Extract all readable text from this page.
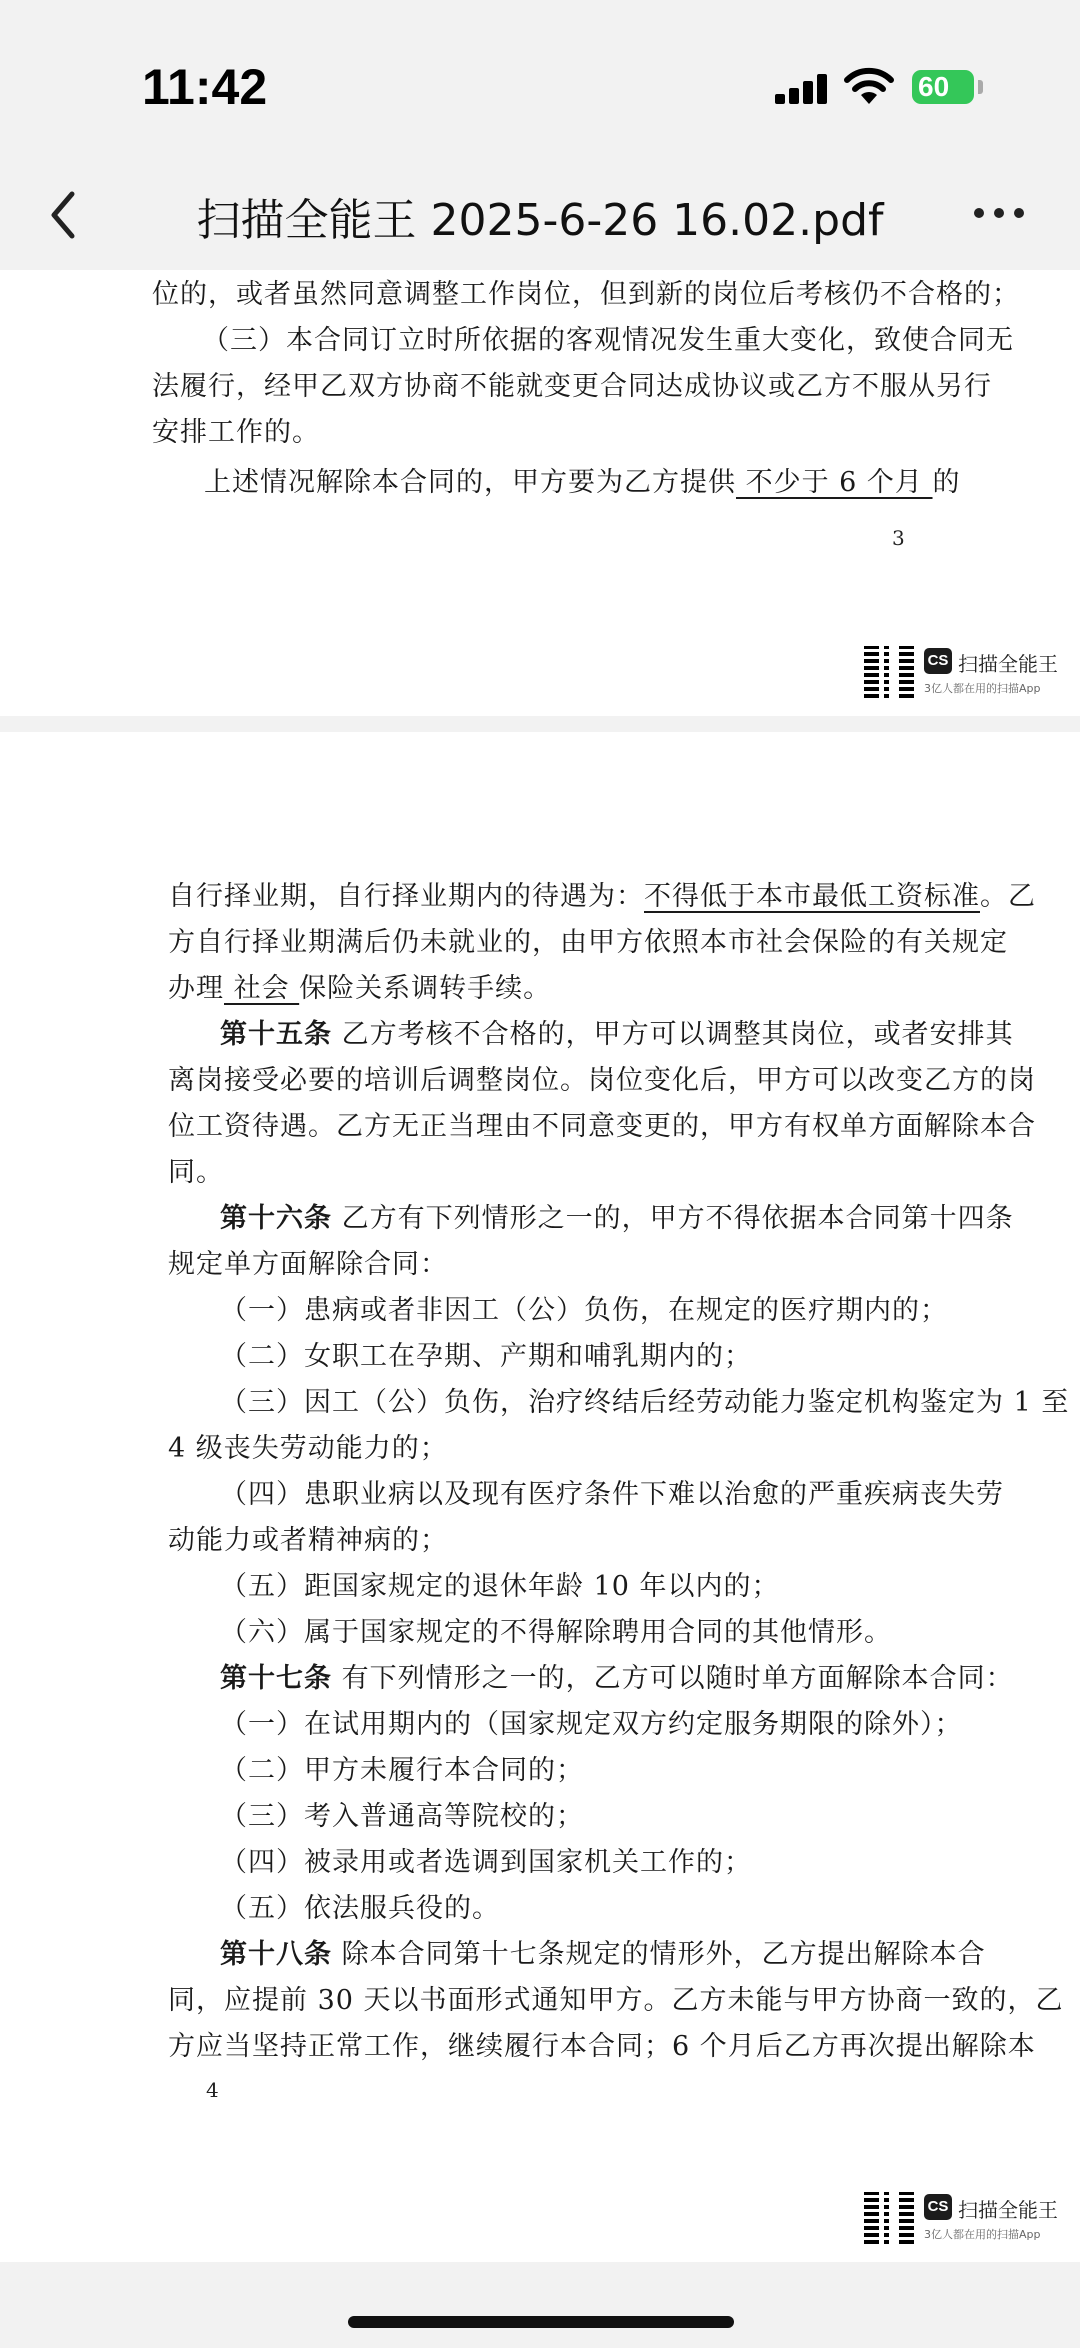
11:42	60
扫描全能王 2025-6-26 16.02.pdf
位的，或者虽然同意调整工作岗位，但到新的岗位后考核仍不合格的；
（三）本合同订立时所依据的客观情况发生重大变化，致使合同无
法履行，经甲乙双方协商不能就变更合同达成协议或乙方不服从另行
安排工作的。
上述情况解除本合同的，甲方要为乙方提供 不少于 6 个月 的
3
CS 扫描全能王
3亿人都在用的扫描App
自行择业期，自行择业期内的待遇为：不得低于本市最低工资标准。乙
方自行择业期满后仍未就业的，由甲方依照本市社会保险的有关规定
办理 社会 保险关系调转手续。
第十五条 乙方考核不合格的，甲方可以调整其岗位，或者安排其
离岗接受必要的培训后调整岗位。岗位变化后，甲方可以改变乙方的岗
位工资待遇。乙方无正当理由不同意变更的，甲方有权单方面解除本合
同。
第十六条 乙方有下列情形之一的，甲方不得依据本合同第十四条
规定单方面解除合同：
（一）患病或者非因工（公）负伤，在规定的医疗期内的；
（二）女职工在孕期、产期和哺乳期内的；
（三）因工（公）负伤，治疗终结后经劳动能力鉴定机构鉴定为 1 至
4 级丧失劳动能力的；
（四）患职业病以及现有医疗条件下难以治愈的严重疾病丧失劳
动能力或者精神病的；
（五）距国家规定的退休年龄 10 年以内的；
（六）属于国家规定的不得解除聘用合同的其他情形。
第十七条 有下列情形之一的，乙方可以随时单方面解除本合同：
（一）在试用期内的（国家规定双方约定服务期限的除外）；
（二）甲方未履行本合同的；
（三）考入普通高等院校的；
（四）被录用或者选调到国家机关工作的；
（五）依法服兵役的。
第十八条 除本合同第十七条规定的情形外，乙方提出解除本合
同，应提前 30 天以书面形式通知甲方。乙方未能与甲方协商一致的，乙
方应当坚持正常工作，继续履行本合同；6 个月后乙方再次提出解除本
4
CS 扫描全能王
3亿人都在用的扫描App
